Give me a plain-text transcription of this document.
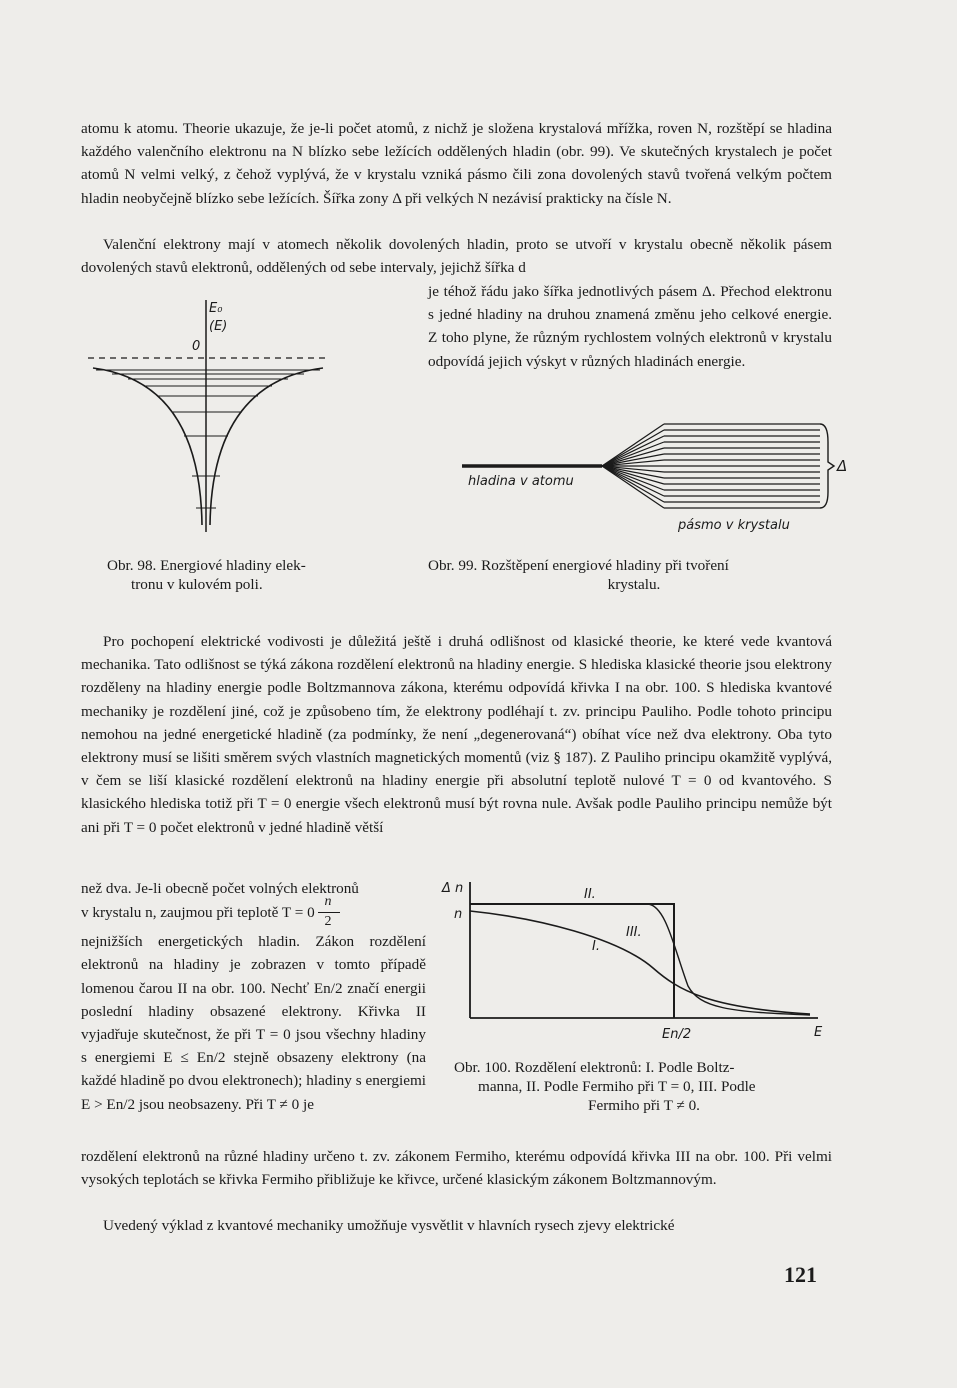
atomu k atomu. Theorie ukazuje, že je-li počet atomů, z nichž je složena krystalová mřížka, roven N, rozštěpí se hladina každého valenčního elektronu na N blízko sebe ležících oddělených hladin (obr. 99). Ve skutečných krystalech je počet atomů N velmi velký, z čehož vyplývá, že v krystalu vzniká pásmo čili zona dovolených stavů tvořená velkým počtem hladin neobyčejně blízko sebe ležících. Šířka zony Δ při velkých N nezávisí prakticky na čísle N.

Valenční elektrony mají v atomech několik dovolených hladin, proto se utvoří v krystalu obecně několik pásem dovolených stavů elektronů, oddělených od sebe intervaly, jejichž šířka d

je téhož řádu jako šířka jednotlivých pásem Δ. Přechod elektronu s jedné hladiny na druhou znamená změnu jeho celkové energie. Z toho plyne, že různým rychlostem volných elektronů v krystalu odpovídá jejich výskyt v různých hladinách energie.

E₀
(E)
0
Δ
hladina v atomu
pásmo v krystalu
Obr. 98. Energiové hladiny elek-
tronu v kulovém poli.
Obr. 99. Rozštěpení energiové hladiny při tvoření
krystalu.

Pro pochopení elektrické vodivosti je důležitá ještě i druhá odlišnost od klasické theorie, ke které vede kvantová mechanika. Tato odlišnost se týká zákona rozdělení elektronů na hladiny energie. S hlediska klasické theorie jsou elektrony rozděleny na hladiny energie podle Boltzmannova zákona, kterému odpovídá křivka I na obr. 100. S hlediska kvantové mechaniky je rozdělení jiné, což je způsobeno tím, že elektrony podléhají t. zv. principu Pauliho. Podle tohoto principu nemohou na jedné energetické hladině (za podmínky, že není „degenerovaná“) obíhat více než dva elektrony. Oba tyto elektrony musí se lišiti směrem svých vlastních magnetických momentů (viz § 187). Z Pauliho principu okamžitě vyplývá, v čem se liší klasické rozdělení elektronů na hladiny energie při absolutní teplotě nulové T = 0 od kvantového. S klasického hlediska totiž při T = 0 energie všech elektronů musí být rovna nule. Avšak podle Pauliho principu nemůže být ani při T = 0 počet elektronů v jedné hladině větší

než dva. Je-li obecně počet volných elektronů

v krystalu n, zaujmou při teplotě $T = 0 \frac{n}{2}$

nejnižších energetických hladin. Zákon rozdělení elektronů na hladiny je zobrazen v tomto případě lomenou čarou II na obr. 100. Nechť En/2 značí energii poslední hladiny obsazené elektrony. Křivka II vyjadřuje skutečnost, že při T = 0 jsou všechny hladiny s energiemi E ≤ En/2 stejně obsazeny elektrony (na každé hladině po dvou elektronech); hladiny s energiemi E > En/2 jsou neobsazeny. Při T ≠ 0 je

Δ n
n
II.
I.
III.
En/2	E
Obr. 100. Rozdělení elektronů: I. Podle Boltz-

manna, II. Podle Fermiho při T = 0, III. Podle
Fermiho při T ≠ 0.

rozdělení elektronů na různé hladiny určeno t. zv. zákonem Fermiho, kterému odpovídá křivka III na obr. 100. Při velmi vysokých teplotách se křivka Fermiho přibližuje ke křivce, určené klasickým zákonem Boltzmannovým.

Uvedený výklad z kvantové mechaniky umožňuje vysvětlit v hlavních rysech zjevy elektrické

121
